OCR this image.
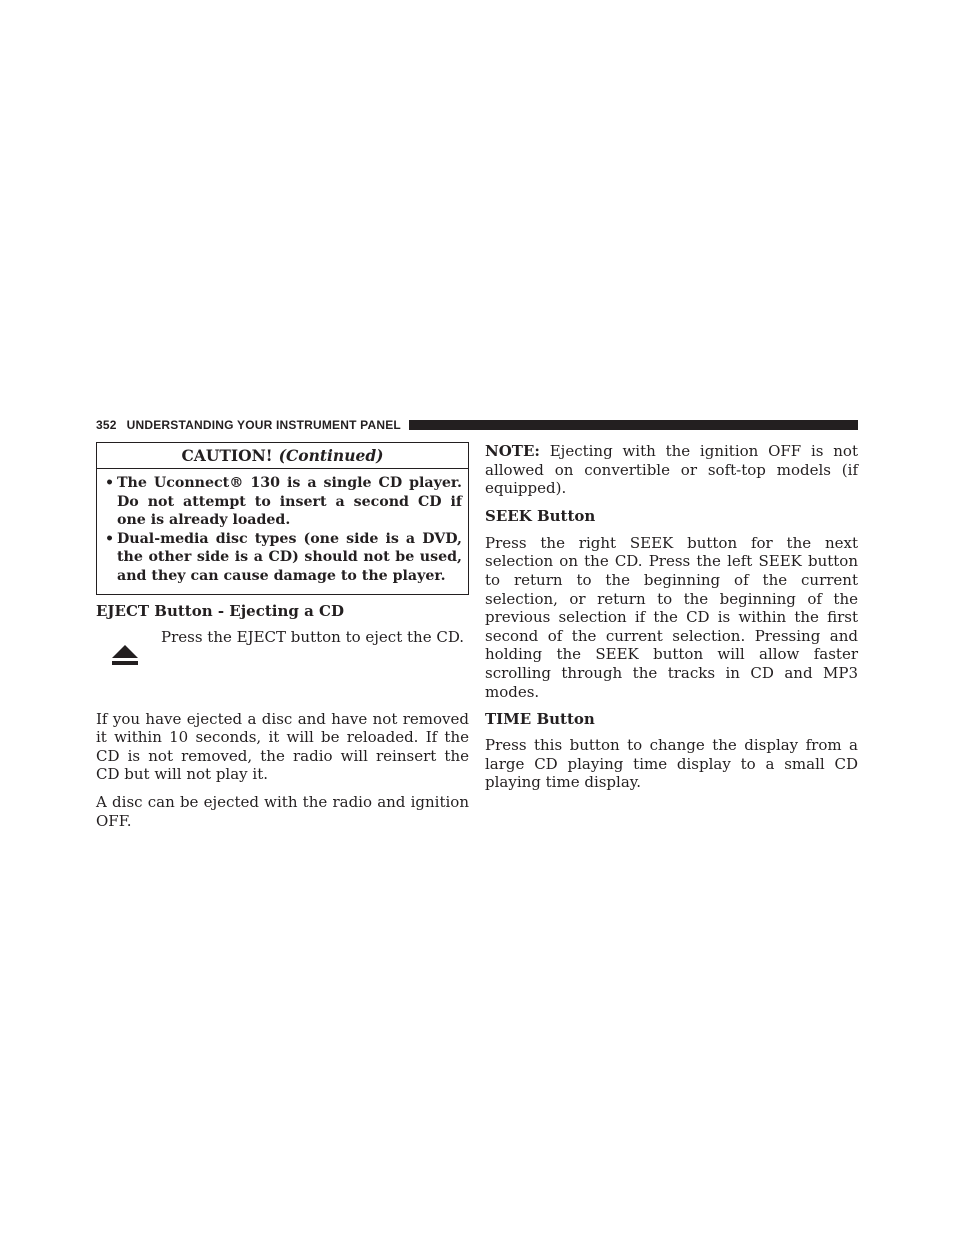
352 UNDERSTANDING YOUR INSTRUMENT PANEL
CAUTION! (Continued)
• The Uconnect® 130 is a single CD player. Do not attempt to insert a second CD if one is already loaded.
• Dual-media disc types (one side is a DVD, the other side is a CD) should not be used, and they can cause damage to the player.

EJECT Button - Ejecting a CD

Press the EJECT button to eject the CD.

If you have ejected a disc and have not removed it within 10 seconds, it will be reloaded. If the CD is not removed, the radio will reinsert the CD but will not play it.

A disc can be ejected with the radio and ignition OFF.

NOTE: Ejecting with the ignition OFF is not allowed on convertible or soft-top models (if equipped).

SEEK Button

Press the right SEEK button for the next selection on the CD. Press the left SEEK button to return to the beginning of the current selection, or return to the beginning of the previous selection if the CD is within the first second of the current selection. Pressing and holding the SEEK button will allow faster scrolling through the tracks in CD and MP3 modes.

TIME Button

Press this button to change the display from a large CD playing time display to a small CD playing time display.
